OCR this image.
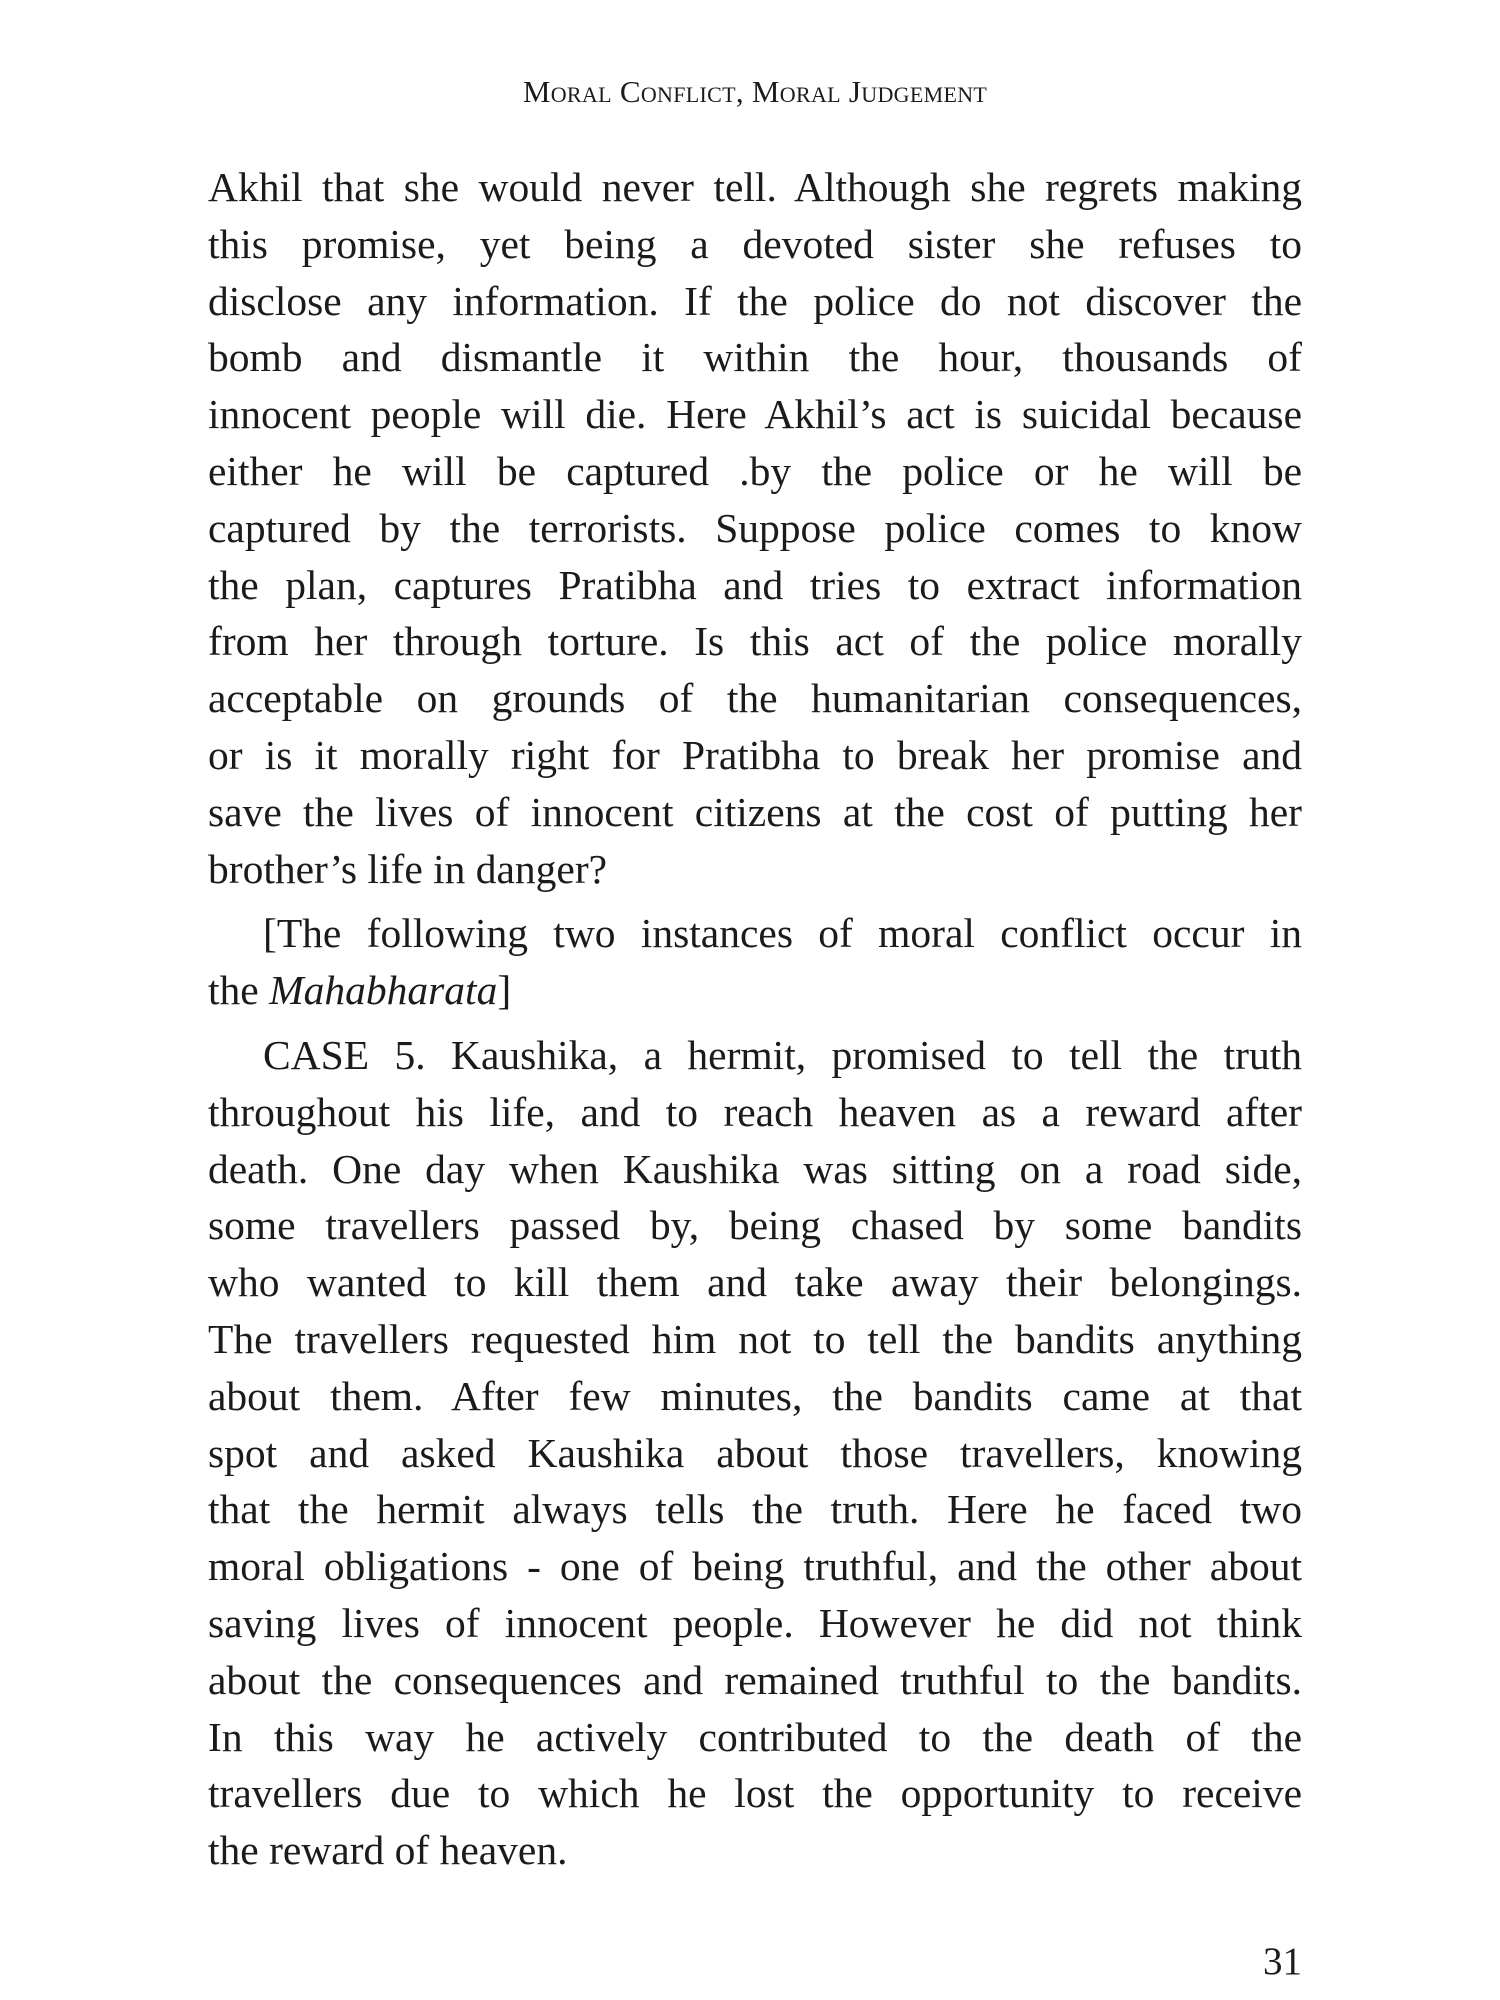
Moral Conflict, Moral Judgement
Akhil that she would never tell. Although she regrets making
this promise, yet being a devoted sister she refuses to
disclose any information. If the police do not discover the
bomb and dismantle it within the hour, thousands of
innocent people will die. Here Akhil’s act is suicidal because
either he will be captured .by the police or he will be
captured by the terrorists. Suppose police comes to know
the plan, captures Pratibha and tries to extract information
from her through torture. Is this act of the police morally
acceptable on grounds of the humanitarian consequences,
or is it morally right for Pratibha to break her promise and
save the lives of innocent citizens at the cost of putting her
brother’s life in danger?
[The following two instances of moral conflict occur in
the Mahabharata]
CASE 5. Kaushika, a hermit, promised to tell the truth
throughout his life, and to reach heaven as a reward after
death. One day when Kaushika was sitting on a road side,
some travellers passed by, being chased by some bandits
who wanted to kill them and take away their belongings.
The travellers requested him not to tell the bandits anything
about them. After few minutes, the bandits came at that
spot and asked Kaushika about those travellers, knowing
that the hermit always tells the truth. Here he faced two
moral obligations - one of being truthful, and the other about
saving lives of innocent people. However he did not think
about the consequences and remained truthful to the bandits.
In this way he actively contributed to the death of the
travellers due to which he lost the opportunity to receive
the reward of heaven.
31
